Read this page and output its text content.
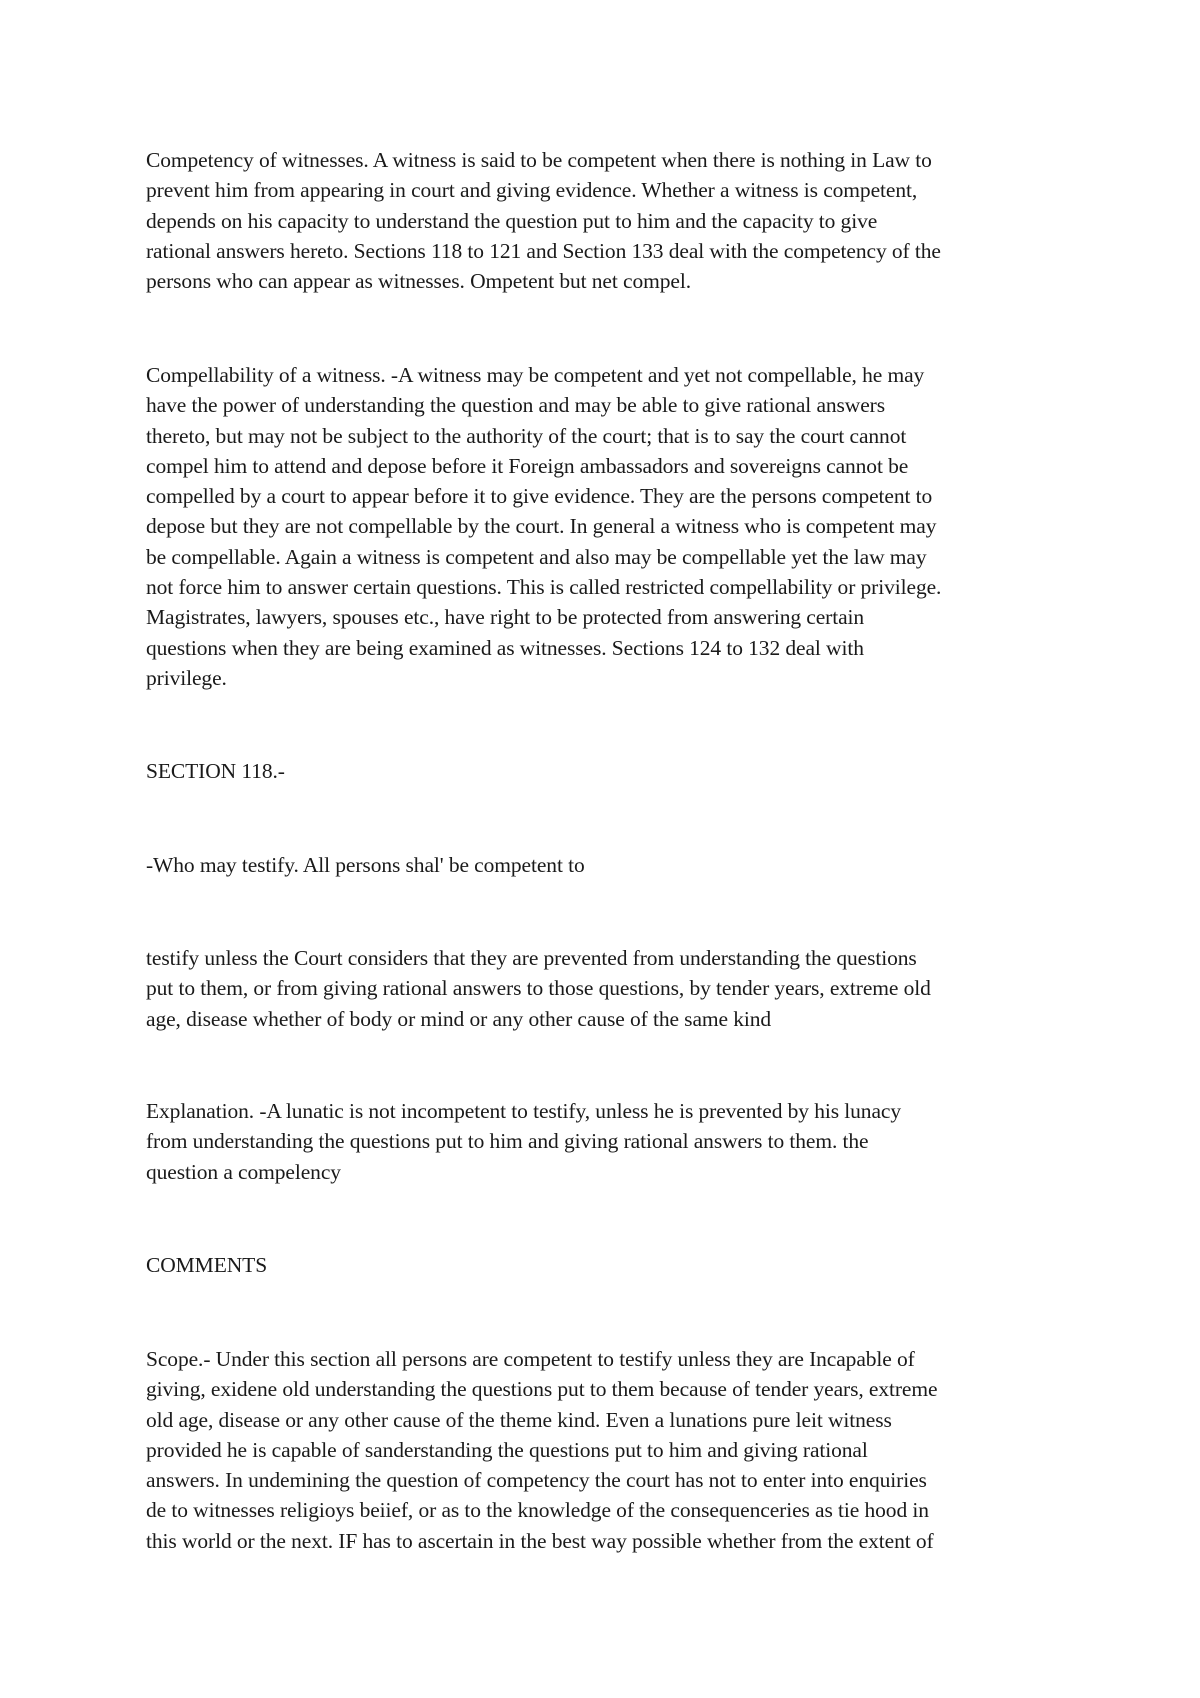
Competency of witnesses. A witness is said to be competent when there is nothing in Law to
prevent him from appearing in court and giving evidence. Whether a witness is competent,
depends on his capacity to understand the question put to him and the capacity to give
rational answers hereto. Sections 118 to 121 and Section 133 deal with the competency of the
persons who can appear as witnesses. Ompetent but net compel.

Compellability of a witness. -A witness may be competent and yet not compellable, he may
have the power of understanding the question and may be able to give rational answers
thereto, but may not be subject to the authority of the court; that is to say the court cannot
compel him to attend and depose before it Foreign ambassadors and sovereigns cannot be
compelled by a court to appear before it to give evidence. They are the persons competent to
depose but they are not compellable by the court. In general a witness who is competent may
be compellable. Again a witness is competent and also may be compellable yet the law may
not force him to answer certain questions. This is called restricted compellability or privilege.
Magistrates, lawyers, spouses etc., have right to be protected from answering certain
questions when they are being examined as witnesses. Sections 124 to 132 deal with
privilege.

SECTION 118.-

-Who may testify. All persons shal' be competent to

testify unless the Court considers that they are prevented from understanding the questions
put to them, or from giving rational answers to those questions, by tender years, extreme old
age, disease whether of body or mind or any other cause of the same kind

Explanation. -A lunatic is not incompetent to testify, unless he is prevented by his lunacy
from understanding the questions put to him and giving rational answers to them. the
question a compelency

COMMENTS

Scope.- Under this section all persons are competent to testify unless they are Incapable of
giving, exidene old understanding the questions put to them because of tender years, extreme
old age, disease or any other cause of the theme kind. Even a lunations pure leit witness
provided he is capable of sanderstanding the questions put to him and giving rational
answers. In undemining the question of competency the court has not to enter into enquiries
de to witnesses religioys beiief, or as to the knowledge of the consequenceries as tie hood in
this world or the next. IF has to ascertain in the best way possible whether from the extent of
